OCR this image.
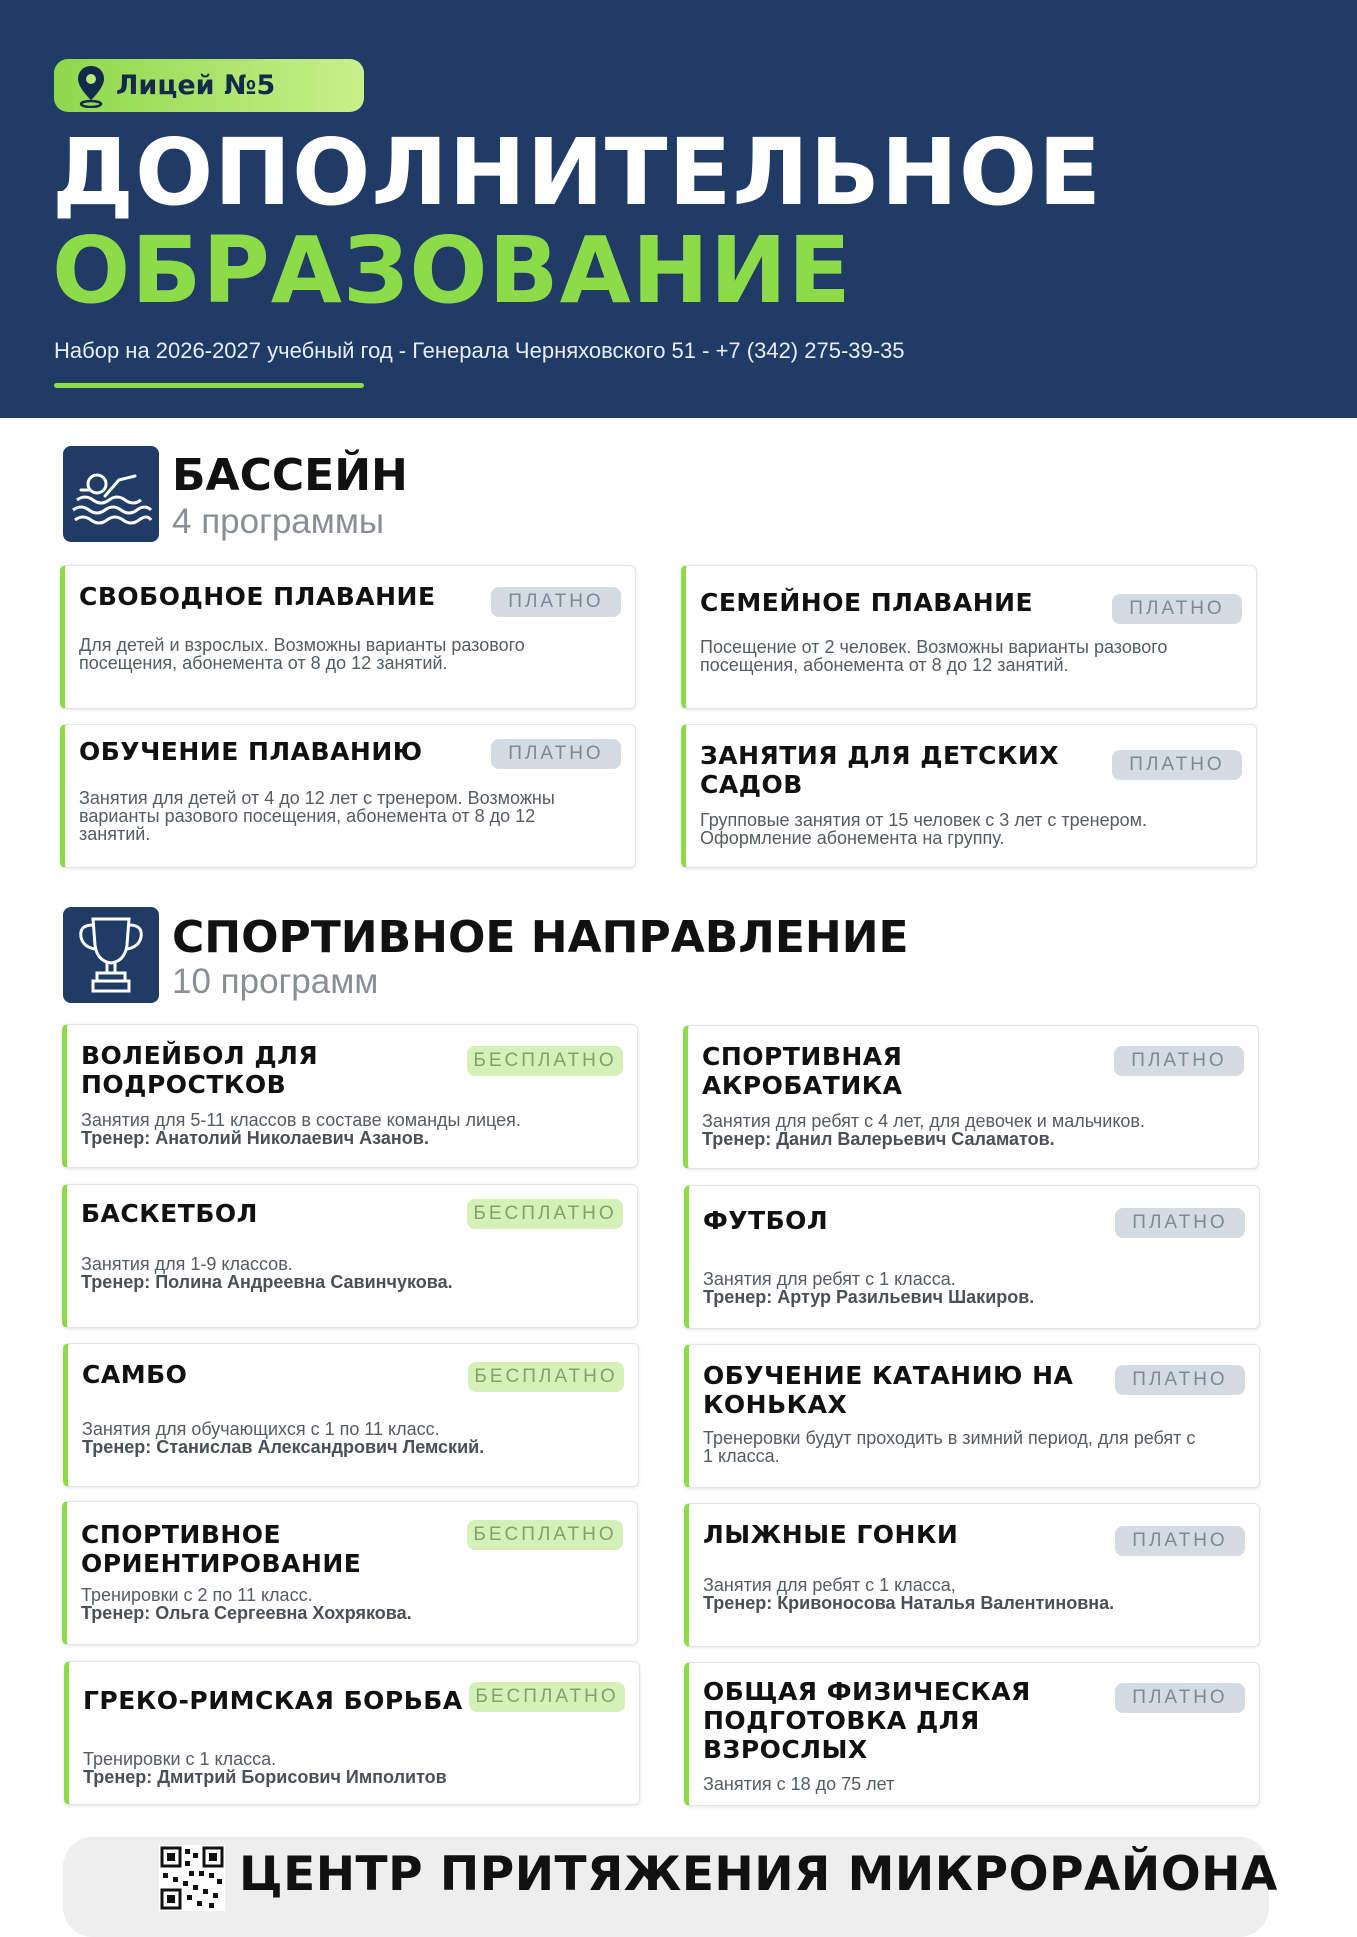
Лицей №5
ДОПОЛНИТЕЛЬНОЕ
ОБРАЗОВАНИЕ
Набор на 2026-2027 учебный год - Генерала Черняховского 51 - +7 (342) 275-39-35
БАССЕЙН
4 программы
СВОБОДНОЕ ПЛАВАНИЕ	ПЛАТНО
Для детей и взрослых. Возможны варианты разового посещения, абонемента от 8 до 12 занятий.
СЕМЕЙНОЕ ПЛАВАНИЕ	ПЛАТНО
Посещение от 2 человек. Возможны варианты разового посещения, абонемента от 8 до 12 занятий.
ОБУЧЕНИЕ ПЛАВАНИЮ	ПЛАТНО
Занятия для детей от 4 до 12 лет с тренером. Возможны варианты разового посещения, абонемента от 8 до 12 занятий.
ЗАНЯТИЯ ДЛЯ ДЕТСКИХ САДОВ
ПЛАТНО
Групповые занятия от 15 человек с 3 лет с тренером. Оформление абонемента на группу.
СПОРТИВНОЕ НАПРАВЛЕНИЕ
10 программ
ВОЛЕЙБОЛ ДЛЯ ПОДРОСТКОВ
БЕСПЛАТНО
Занятия для 5-11 классов в составе команды лицея.
Тренер: Анатолий Николаевич Азанов.
СПОРТИВНАЯ АКРОБАТИКА
ПЛАТНО
Занятия для ребят с 4 лет, для девочек и мальчиков.
Тренер: Данил Валерьевич Саламатов.
БАСКЕТБОЛ	БЕСПЛАТНО
Занятия для 1-9 классов.
Тренер: Полина Андреевна Савинчукова.
ФУТБОЛ	ПЛАТНО
Занятия для ребят с 1 класса.
Тренер: Артур Разильевич Шакиров.
САМБО	БЕСПЛАТНО
Занятия для обучающихся с 1 по 11 класс.
Тренер: Станислав Александрович Лемский.
ОБУЧЕНИЕ КАТАНИЮ НА КОНЬКАХ
ПЛАТНО
Тренеровки будут проходить в зимний период, для ребят с 1 класса.
СПОРТИВНОЕ ОРИЕНТИРОВАНИЕ
БЕСПЛАТНО
Тренировки с 2 по 11 класс.
Тренер: Ольга Сергеевна Хохрякова.
ЛЫЖНЫЕ ГОНКИ	ПЛАТНО
Занятия для ребят с 1 класса,
Тренер: Кривоносова Наталья Валентиновна.
ГРЕКО-РИМСКАЯ БОРЬБА БЕСПЛАТНО
Тренировки с 1 класса.
Тренер: Дмитрий Борисович Имполитов
ОБЩАЯ ФИЗИЧЕСКАЯ ПОДГОТОВКА ДЛЯ ВЗРОСЛЫХ
ПЛАТНО
Занятия с 18 до 75 лет
ЦЕНТР ПРИТЯЖЕНИЯ МИКРОРАЙОНА
